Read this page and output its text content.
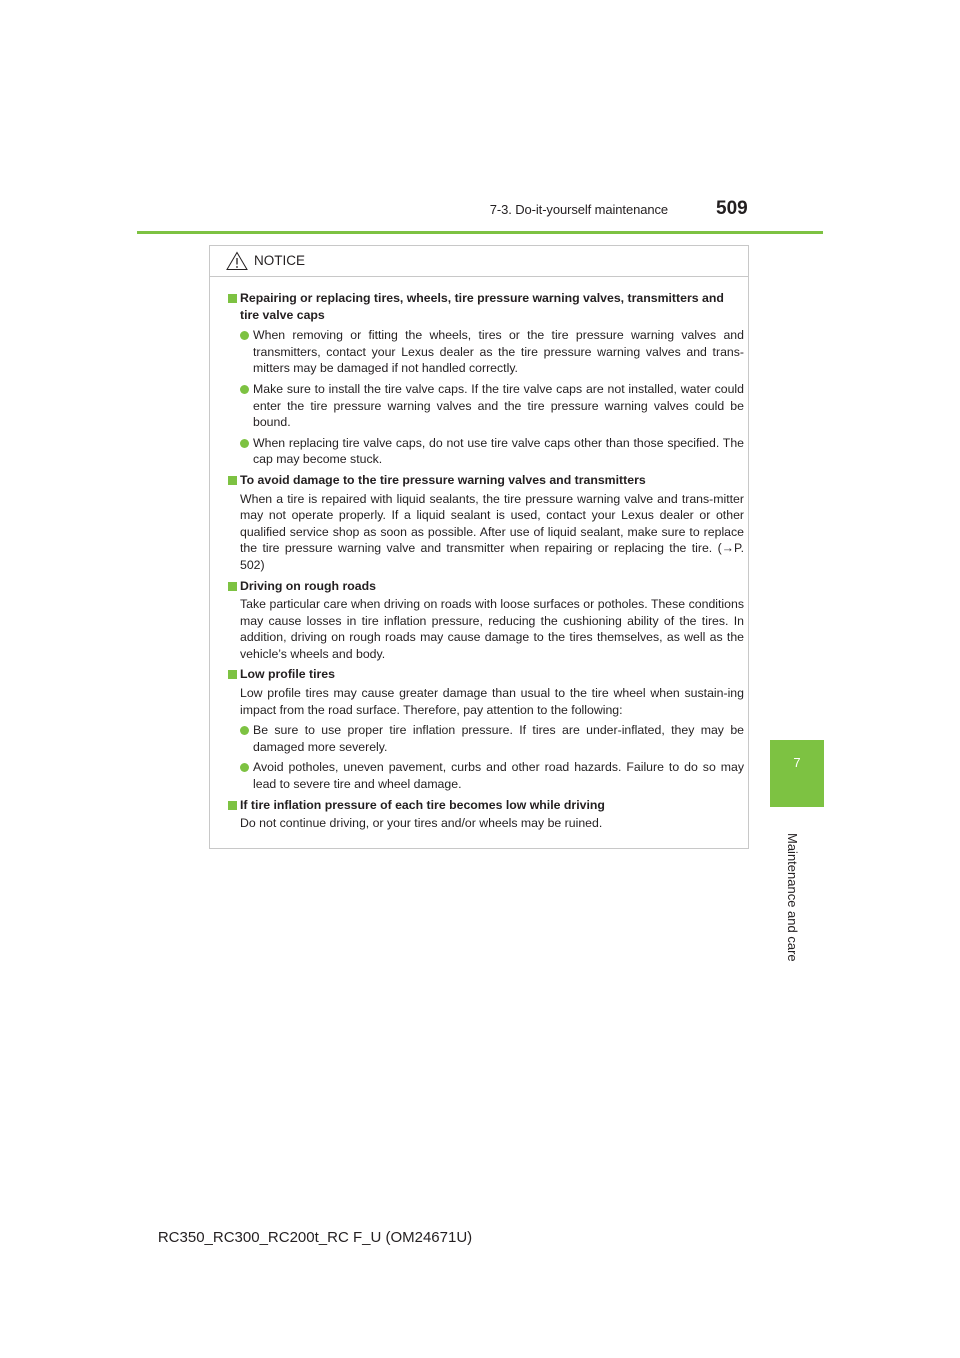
7-3. Do-it-yourself maintenance	509
7
Maintenance and care
NOTICE
Repairing or replacing tires, wheels, tire pressure warning valves, transmitters and tire valve caps
When removing or fitting the wheels, tires or the tire pressure warning valves and transmitters, contact your Lexus dealer as the tire pressure warning valves and trans-mitters may be damaged if not handled correctly.
Make sure to install the tire valve caps. If the tire valve caps are not installed, water could enter the tire pressure warning valves and the tire pressure warning valves could be bound.
When replacing tire valve caps, do not use tire valve caps other than those specified. The cap may become stuck.
To avoid damage to the tire pressure warning valves and transmitters

When a tire is repaired with liquid sealants, the tire pressure warning valve and trans-mitter may not operate properly. If a liquid sealant is used, contact your Lexus dealer or other qualified service shop as soon as possible. After use of liquid sealant, make sure to replace the tire pressure warning valve and transmitter when repairing or replacing the tire. (→P. 502)

Driving on rough roads

Take particular care when driving on roads with loose surfaces or potholes. These conditions may cause losses in tire inflation pressure, reducing the cushioning ability of the tires. In addition, driving on rough roads may cause damage to the tires themselves, as well as the vehicle’s wheels and body.

Low profile tires

Low profile tires may cause greater damage than usual to the tire wheel when sustain-ing impact from the road surface. Therefore, pay attention to the following:

Be sure to use proper tire inflation pressure. If tires are under-inflated, they may be damaged more severely.
Avoid potholes, uneven pavement, curbs and other road hazards. Failure to do so may lead to severe tire and wheel damage.
If tire inflation pressure of each tire becomes low while driving

Do not continue driving, or your tires and/or wheels may be ruined.

RC350_RC300_RC200t_RC F_U (OM24671U)
